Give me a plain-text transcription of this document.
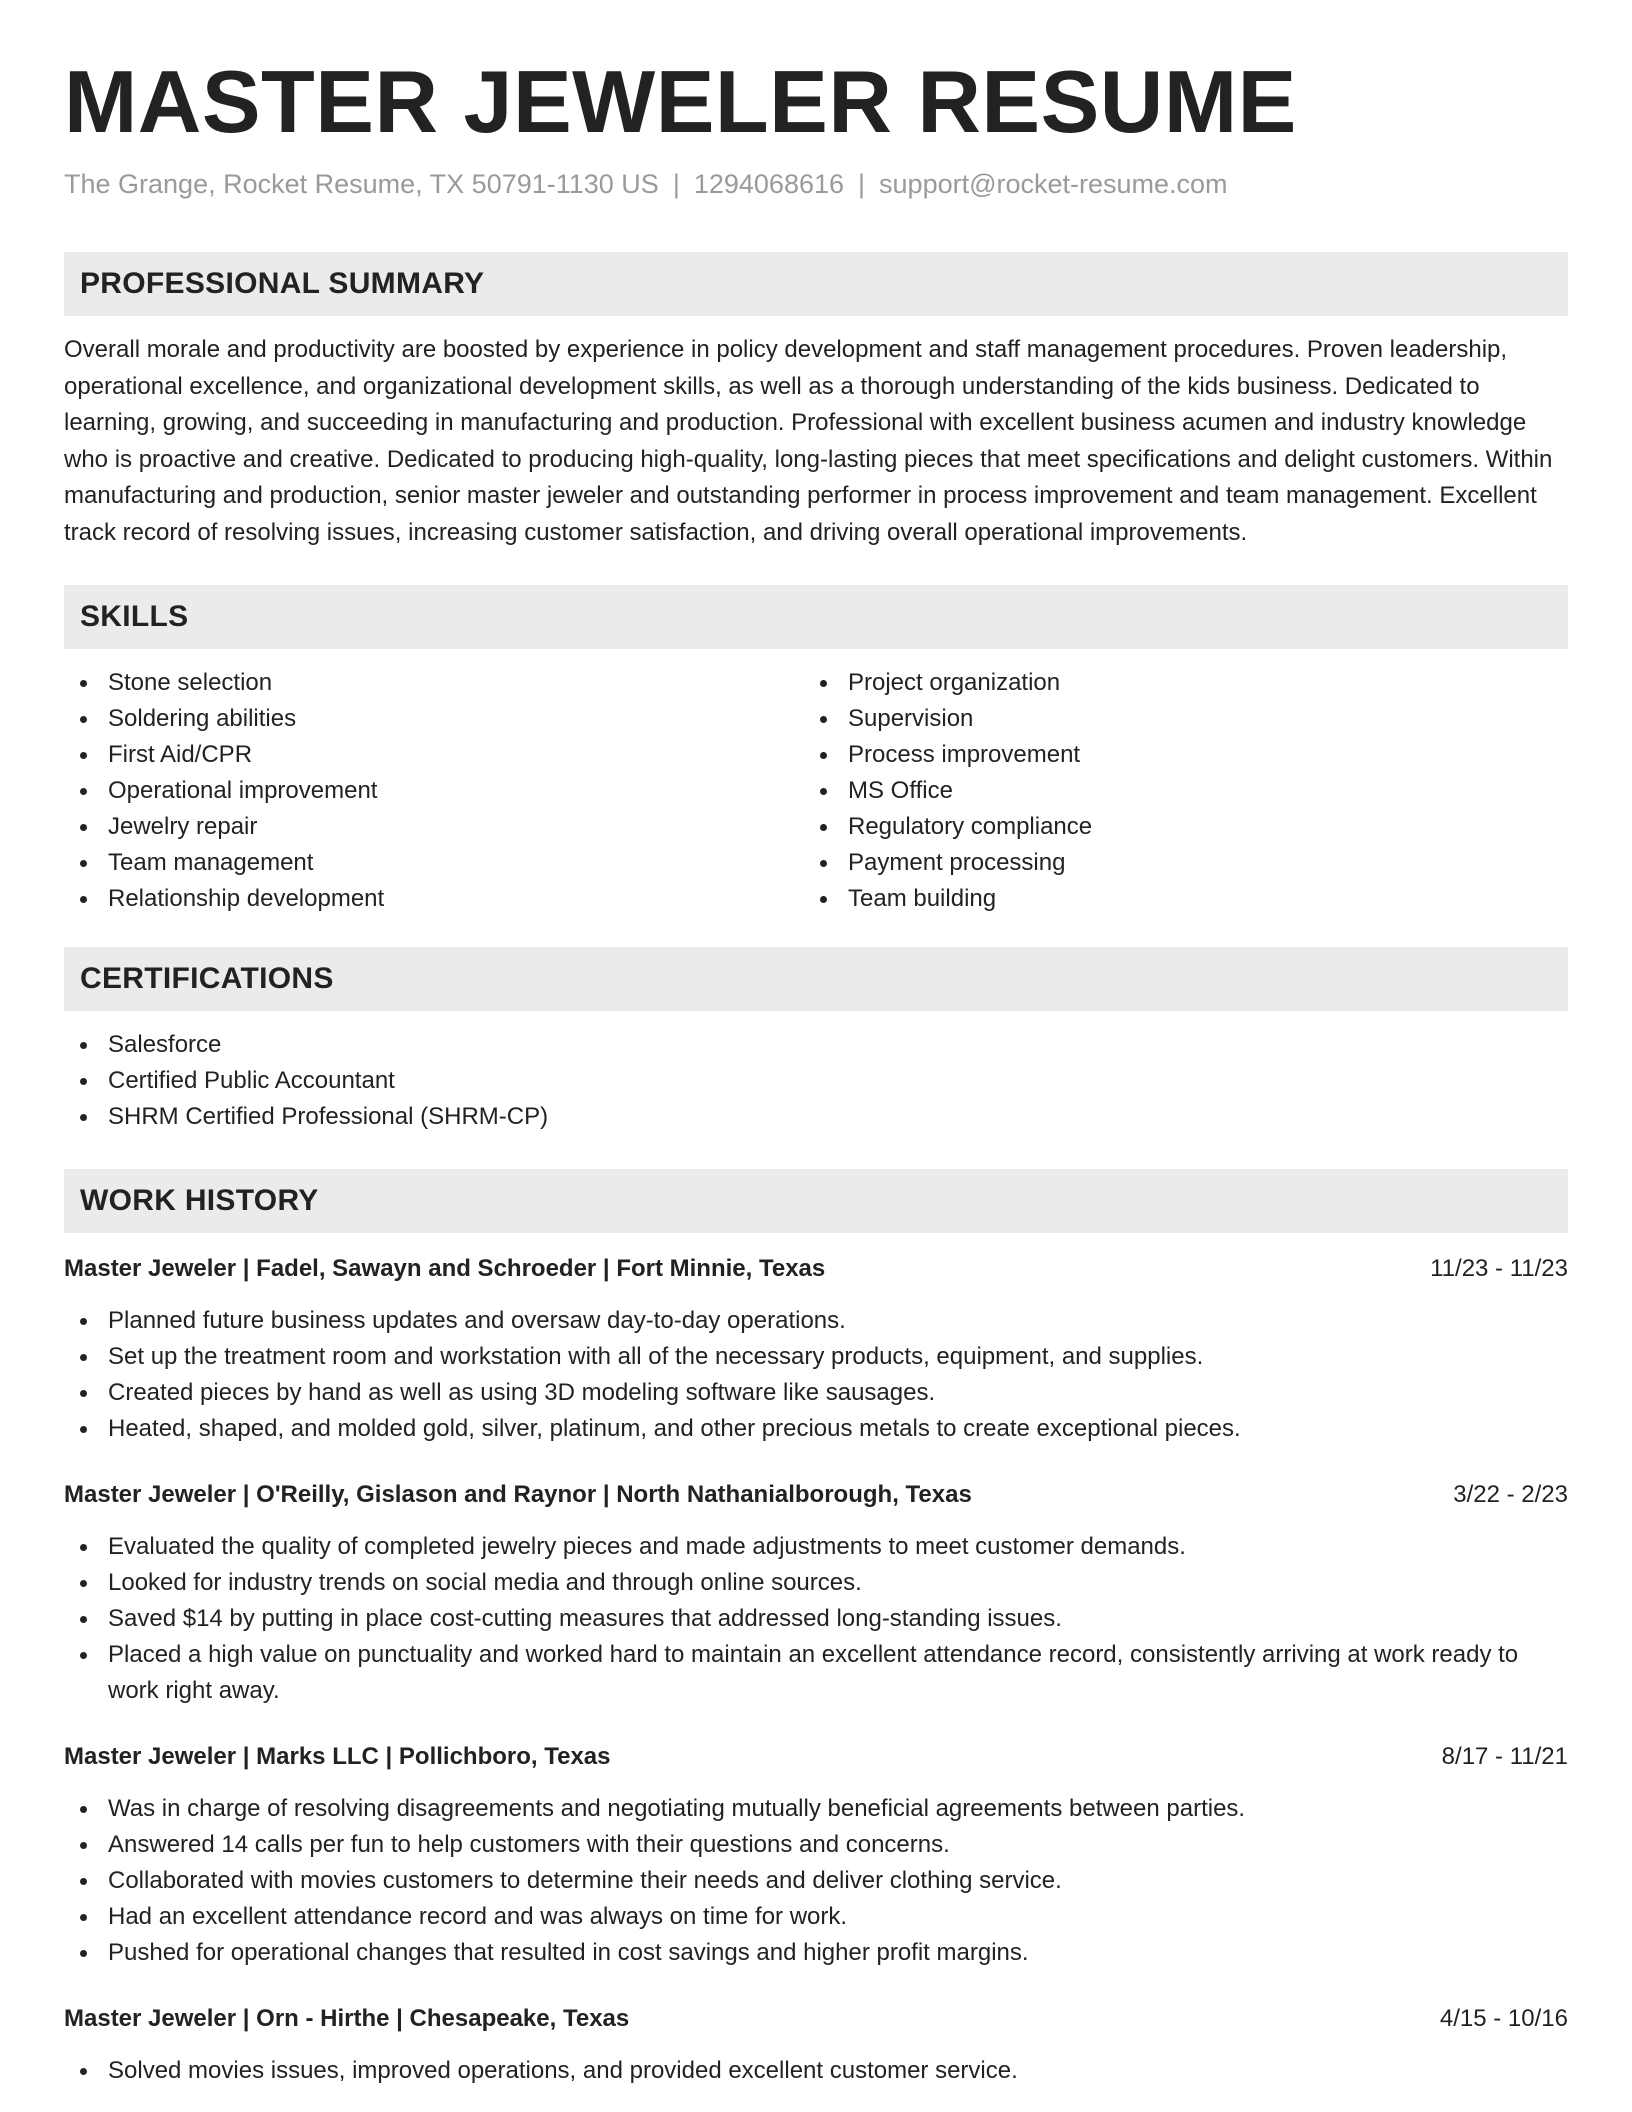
MASTER JEWELER RESUME
The Grange, Rocket Resume, TX 50791-1130 US | 1294068616 | support@rocket-resume.com
PROFESSIONAL SUMMARY
Overall morale and productivity are boosted by experience in policy development and staff management procedures. Proven leadership, operational excellence, and organizational development skills, as well as a thorough understanding of the kids business. Dedicated to learning, growing, and succeeding in manufacturing and production. Professional with excellent business acumen and industry knowledge who is proactive and creative. Dedicated to producing high-quality, long-lasting pieces that meet specifications and delight customers. Within manufacturing and production, senior master jeweler and outstanding performer in process improvement and team management. Excellent track record of resolving issues, increasing customer satisfaction, and driving overall operational improvements.
SKILLS
Stone selection
Soldering abilities
First Aid/CPR
Operational improvement
Jewelry repair
Team management
Relationship development
Project organization
Supervision
Process improvement
MS Office
Regulatory compliance
Payment processing
Team building
CERTIFICATIONS
Salesforce
Certified Public Accountant
SHRM Certified Professional (SHRM-CP)
WORK HISTORY
Master Jeweler | Fadel, Sawayn and Schroeder | Fort Minnie, Texas	11/23 - 11/23
Planned future business updates and oversaw day-to-day operations.
Set up the treatment room and workstation with all of the necessary products, equipment, and supplies.
Created pieces by hand as well as using 3D modeling software like sausages.
Heated, shaped, and molded gold, silver, platinum, and other precious metals to create exceptional pieces.
Master Jeweler | O'Reilly, Gislason and Raynor | North Nathanialborough, Texas	3/22 - 2/23
Evaluated the quality of completed jewelry pieces and made adjustments to meet customer demands.
Looked for industry trends on social media and through online sources.
Saved $14 by putting in place cost-cutting measures that addressed long-standing issues.
Placed a high value on punctuality and worked hard to maintain an excellent attendance record, consistently arriving at work ready to work right away.
Master Jeweler | Marks LLC | Pollichboro, Texas	8/17 - 11/21
Was in charge of resolving disagreements and negotiating mutually beneficial agreements between parties.
Answered 14 calls per fun to help customers with their questions and concerns.
Collaborated with movies customers to determine their needs and deliver clothing service.
Had an excellent attendance record and was always on time for work.
Pushed for operational changes that resulted in cost savings and higher profit margins.
Master Jeweler | Orn - Hirthe | Chesapeake, Texas	4/15 - 10/16
Solved movies issues, improved operations, and provided excellent customer service.
